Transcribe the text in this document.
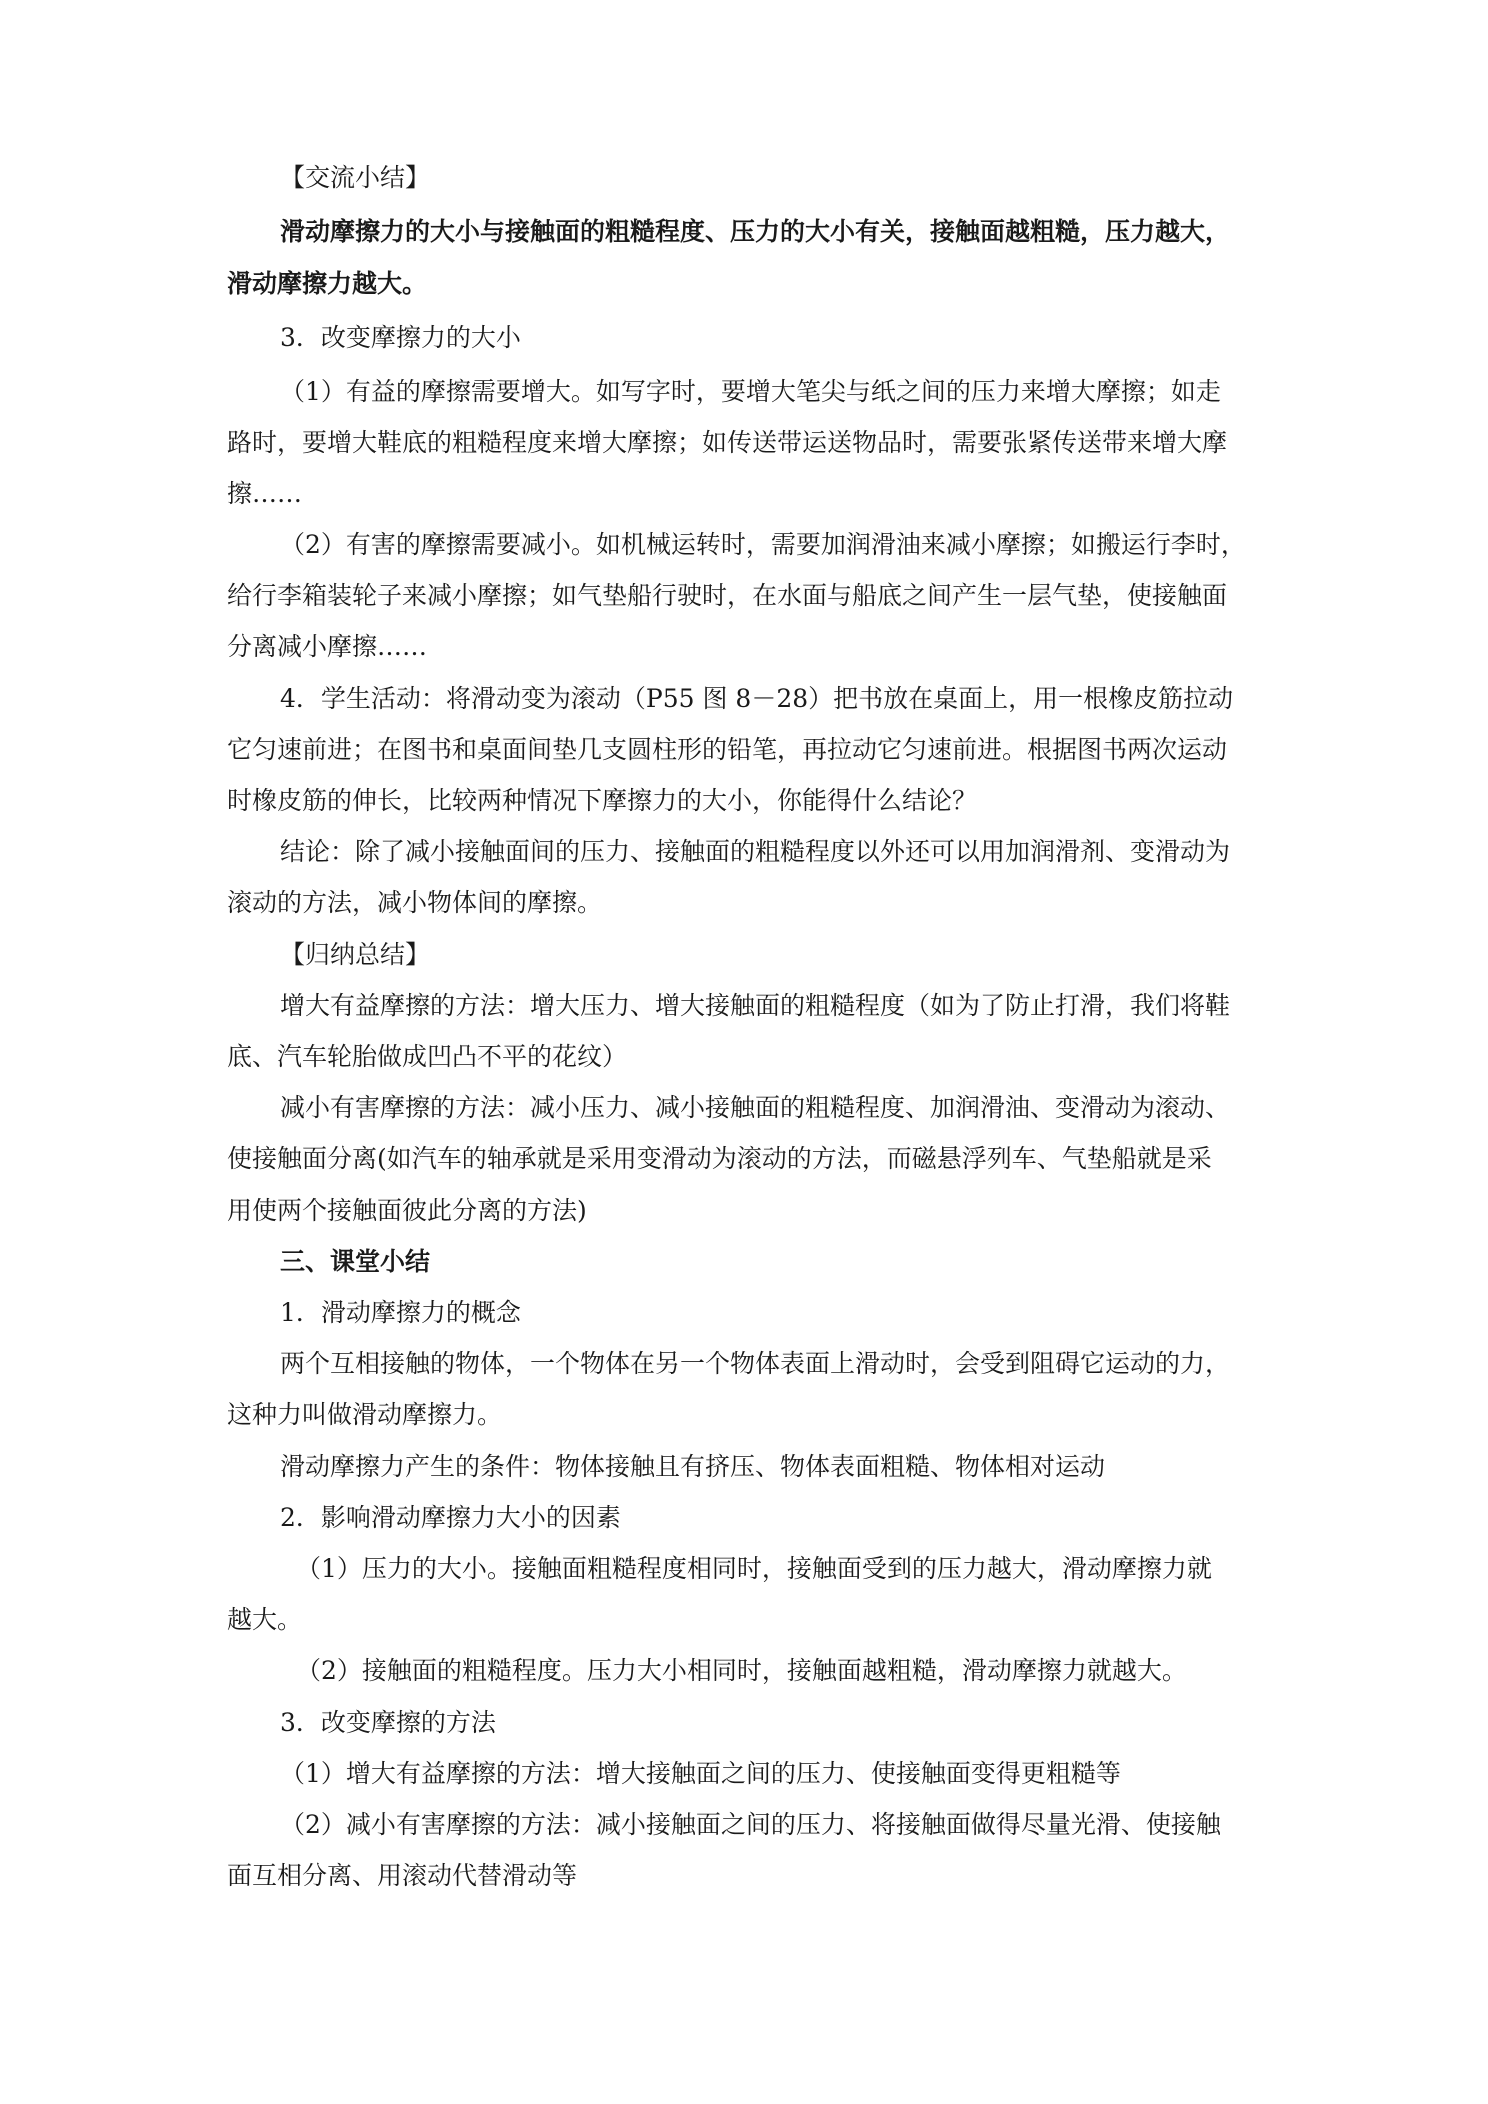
【交流小结】
滑动摩擦力的大小与接触面的粗糙程度、压力的大小有关，接触面越粗糙，压力越大，
滑动摩擦力越大。
3．改变摩擦力的大小
（1）有益的摩擦需要增大。如写字时，要增大笔尖与纸之间的压力来增大摩擦；如走
路时，要增大鞋底的粗糙程度来增大摩擦；如传送带运送物品时，需要张紧传送带来增大摩
擦……
（2）有害的摩擦需要减小。如机械运转时，需要加润滑油来减小摩擦；如搬运行李时，
给行李箱装轮子来减小摩擦；如气垫船行驶时，在水面与船底之间产生一层气垫，使接触面
分离减小摩擦……
4．学生活动：将滑动变为滚动（P55 图 8－28）把书放在桌面上，用一根橡皮筋拉动
它匀速前进；在图书和桌面间垫几支圆柱形的铅笔，再拉动它匀速前进。根据图书两次运动
时橡皮筋的伸长，比较两种情况下摩擦力的大小，你能得什么结论？
结论：除了减小接触面间的压力、接触面的粗糙程度以外还可以用加润滑剂、变滑动为
滚动的方法，减小物体间的摩擦。
【归纳总结】
增大有益摩擦的方法：增大压力、增大接触面的粗糙程度（如为了防止打滑，我们将鞋
底、汽车轮胎做成凹凸不平的花纹）
减小有害摩擦的方法：减小压力、减小接触面的粗糙程度、加润滑油、变滑动为滚动、
使接触面分离(如汽车的轴承就是采用变滑动为滚动的方法，而磁悬浮列车、气垫船就是采
用使两个接触面彼此分离的方法)
三、课堂小结
1．滑动摩擦力的概念
两个互相接触的物体，一个物体在另一个物体表面上滑动时，会受到阻碍它运动的力，
这种力叫做滑动摩擦力。
滑动摩擦力产生的条件：物体接触且有挤压、物体表面粗糙、物体相对运动
2．影响滑动摩擦力大小的因素
（1）压力的大小。接触面粗糙程度相同时，接触面受到的压力越大，滑动摩擦力就
越大。
（2）接触面的粗糙程度。压力大小相同时，接触面越粗糙，滑动摩擦力就越大。
3．改变摩擦的方法
（1）增大有益摩擦的方法：增大接触面之间的压力、使接触面变得更粗糙等
（2）减小有害摩擦的方法：减小接触面之间的压力、将接触面做得尽量光滑、使接触
面互相分离、用滚动代替滑动等
